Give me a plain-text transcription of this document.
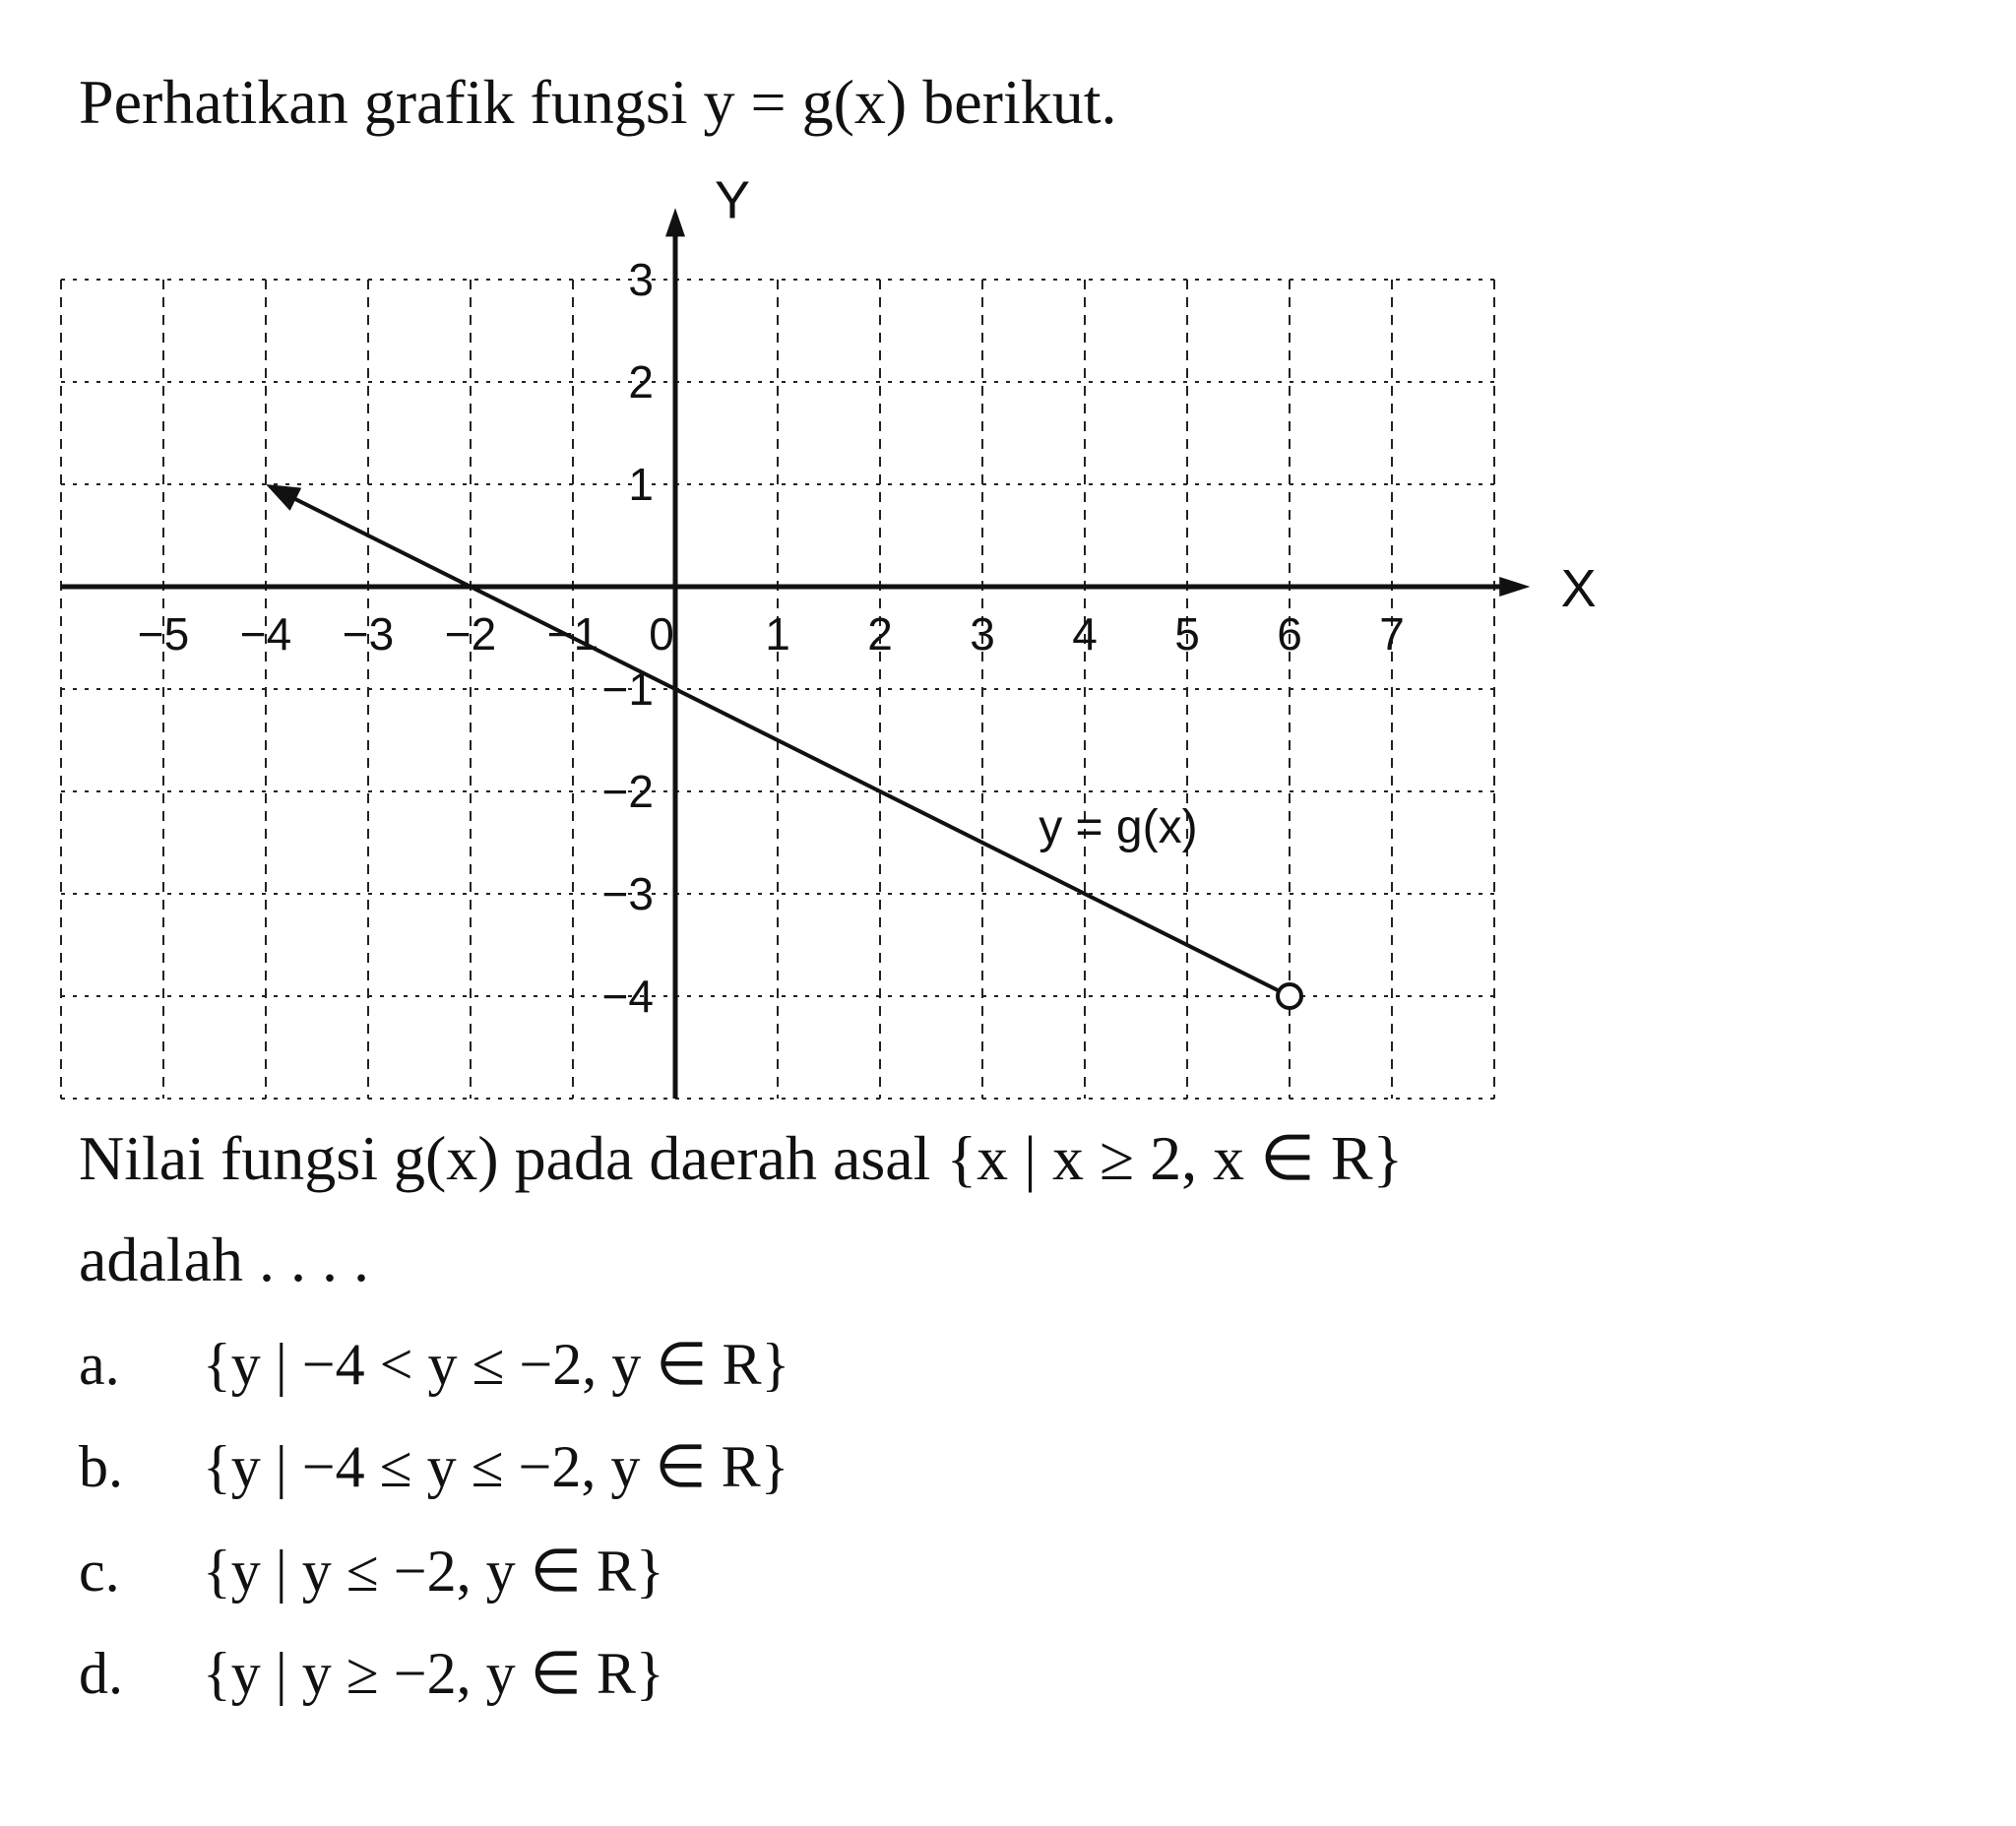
Perhatikan grafik fungsi y = g(x) berikut.
X
Y
−5 −4 −3 −2 −1 0 1 2 3 4 5 6 7
3
2
1
−1
−2
−3
−4
y = g(x)
Nilai fungsi g(x) pada daerah asal {x | x ≥ 2, x ∈ R}
adalah . . . .
a. {y | −4 < y ≤ −2, y ∈ R}
b. {y | −4 ≤ y ≤ −2, y ∈ R}
c. {y | y ≤ −2, y ∈ R}
d. {y | y ≥ −2, y ∈ R}
